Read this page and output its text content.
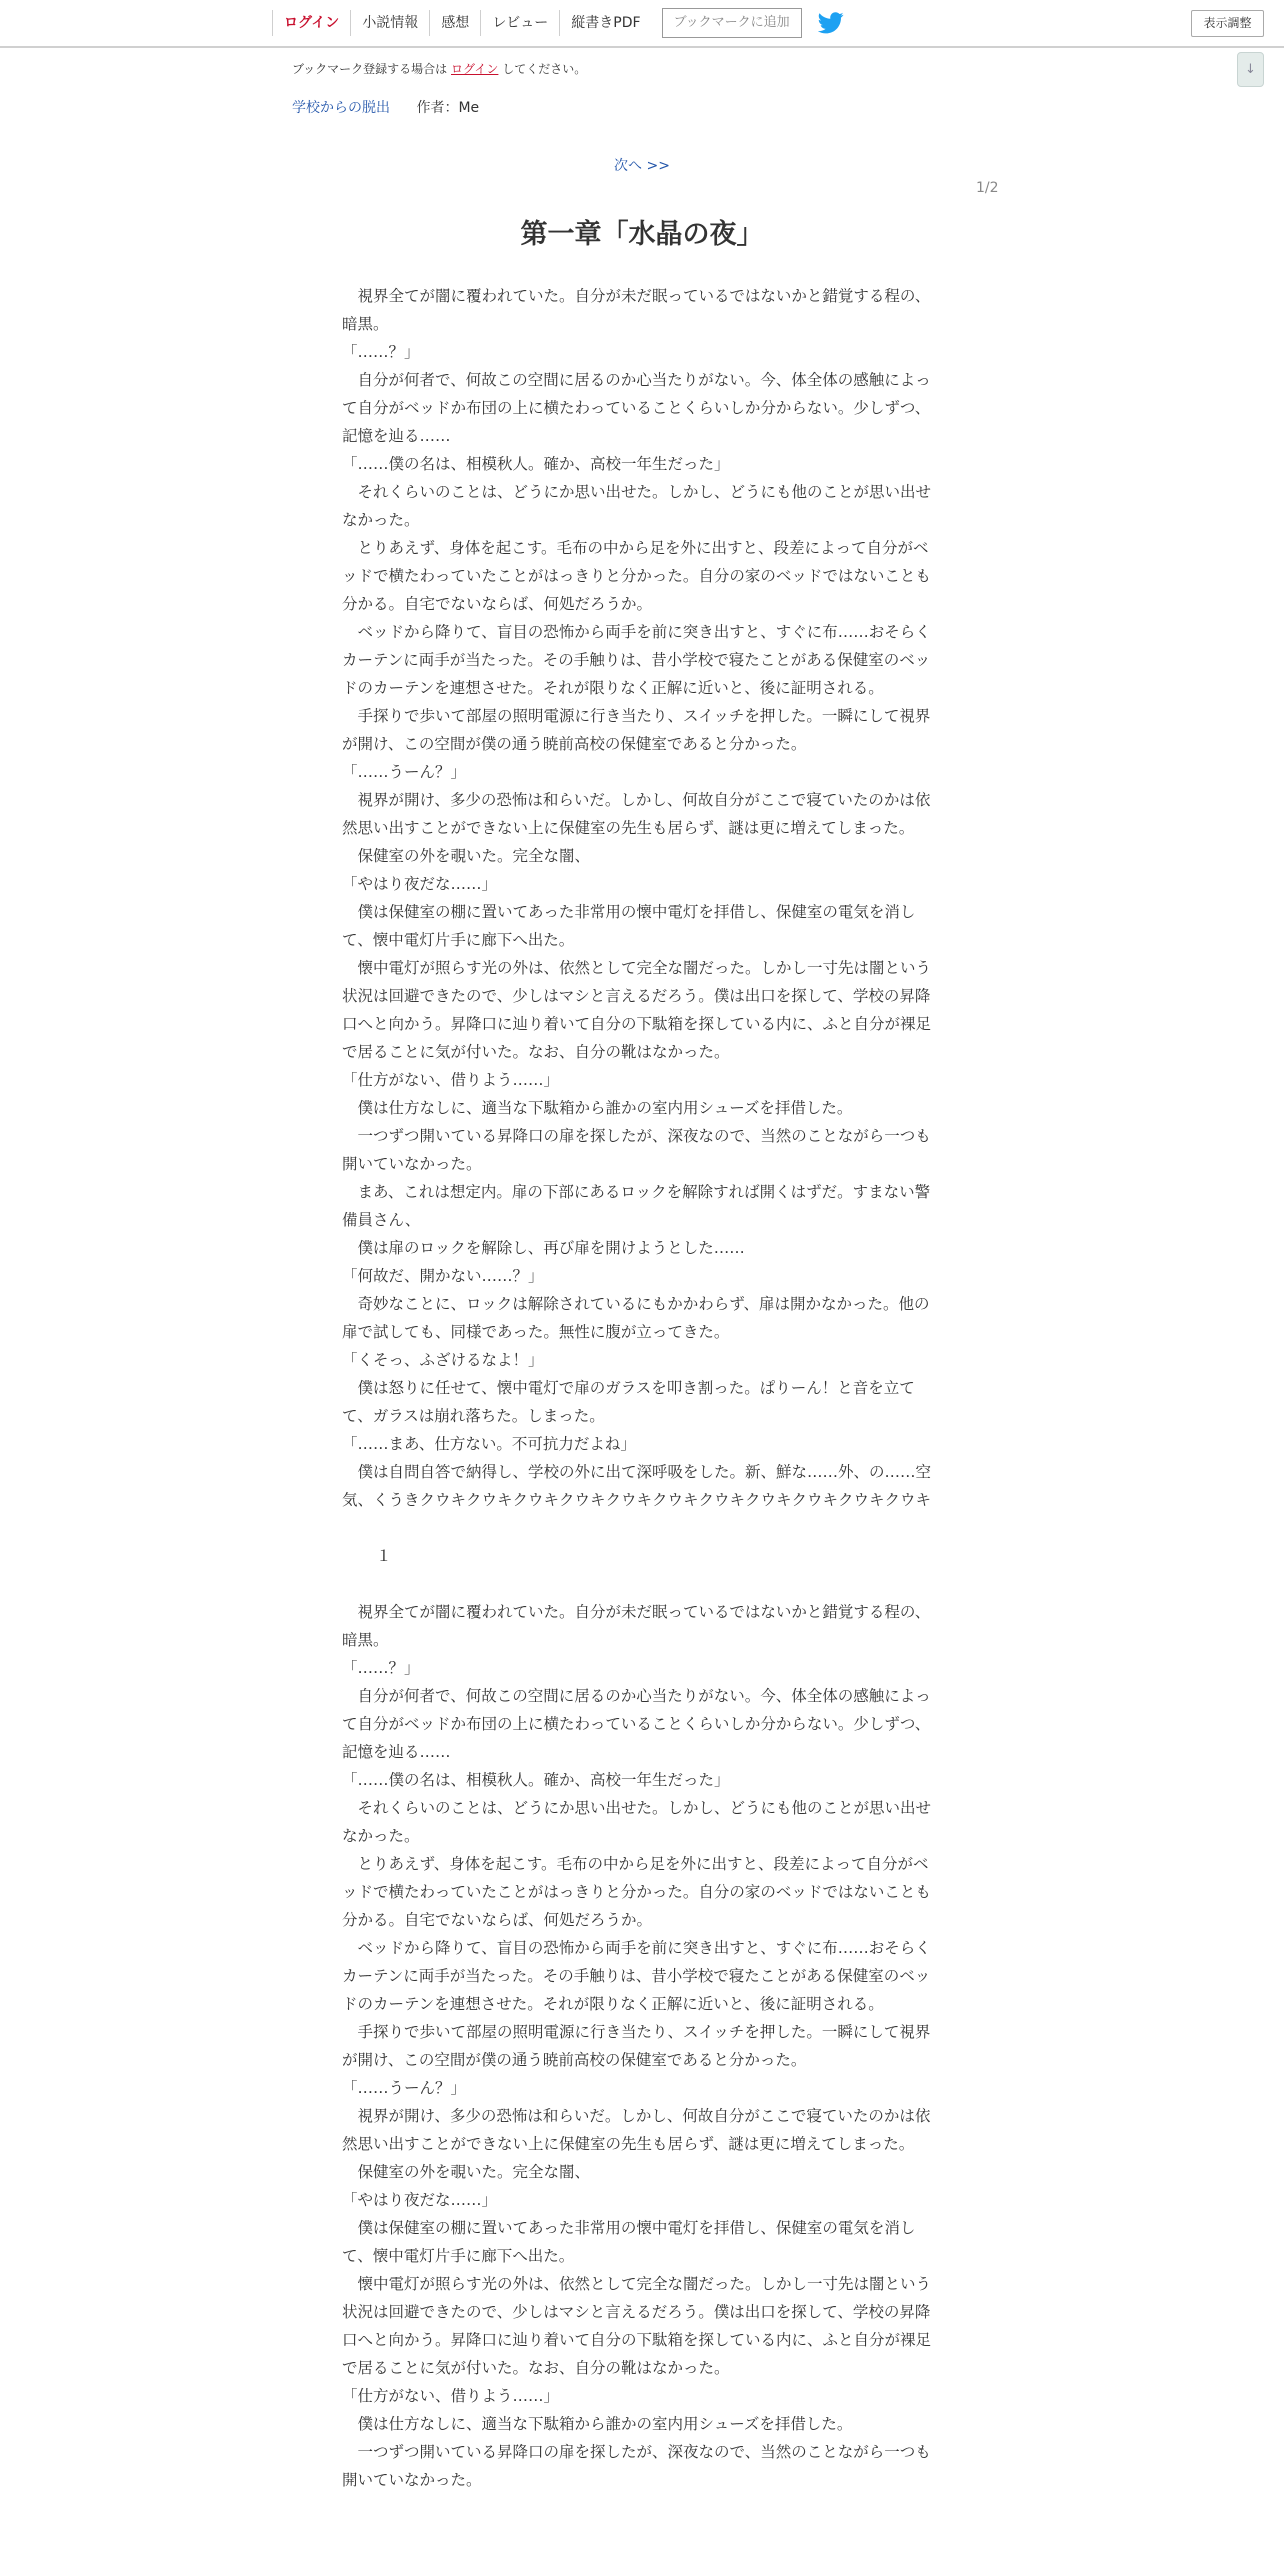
ログイン	小説情報	感想	レビュー	縦書きPDF	ブックマークに追加	表示調整
↓
ブックマーク登録する場合は ログイン してください。
学校からの脱出 作者：Me
次へ >>
1/2
第一章「水晶の夜」

　視界全てが闇に覆われていた。自分が未だ眠っているではないかと錯覚する程の、暗黒。

「……？」

　自分が何者で、何故この空間に居るのか心当たりがない。今、体全体の感触によって自分がベッドか布団の上に横たわっていることくらいしか分からない。少しずつ、記憶を辿る……

「……僕の名は、相模秋人。確か、高校一年生だった」

　それくらいのことは、どうにか思い出せた。しかし、どうにも他のことが思い出せなかった。

　とりあえず、身体を起こす。毛布の中から足を外に出すと、段差によって自分がベッドで横たわっていたことがはっきりと分かった。自分の家のベッドではないことも分かる。自宅でないならば、何処だろうか。

　ベッドから降りて、盲目の恐怖から両手を前に突き出すと、すぐに布……おそらくカーテンに両手が当たった。その手触りは、昔小学校で寝たことがある保健室のベッドのカーテンを連想させた。それが限りなく正解に近いと、後に証明される。

　手探りで歩いて部屋の照明電源に行き当たり、スイッチを押した。一瞬にして視界が開け、この空間が僕の通う暁前高校の保健室であると分かった。

「……うーん？」

　視界が開け、多少の恐怖は和らいだ。しかし、何故自分がここで寝ていたのかは依然思い出すことができない上に保健室の先生も居らず、謎は更に増えてしまった。

　保健室の外を覗いた。完全な闇、

「やはり夜だな……」

　僕は保健室の棚に置いてあった非常用の懐中電灯を拝借し、保健室の電気を消して、懐中電灯片手に廊下へ出た。

　懐中電灯が照らす光の外は、依然として完全な闇だった。しかし一寸先は闇という状況は回避できたので、少しはマシと言えるだろう。僕は出口を探して、学校の昇降口へと向かう。昇降口に辿り着いて自分の下駄箱を探している内に、ふと自分が裸足で居ることに気が付いた。なお、自分の靴はなかった。

「仕方がない、借りよう……」

　僕は仕方なしに、適当な下駄箱から誰かの室内用シューズを拝借した。

　一つずつ開いている昇降口の扉を探したが、深夜なので、当然のことながら一つも開いていなかった。

　まあ、これは想定内。扉の下部にあるロックを解除すれば開くはずだ。すまない警備員さん、

　僕は扉のロックを解除し、再び扉を開けようとした……

「何故だ、開かない……？」

　奇妙なことに、ロックは解除されているにもかかわらず、扉は開かなかった。他の扉で試しても、同様であった。無性に腹が立ってきた。

「くそっ、ふざけるなよ！」

　僕は怒りに任せて、懐中電灯で扉のガラスを叩き割った。ぱりーん！と音を立てて、ガラスは崩れ落ちた。しまった。

「……まあ、仕方ない。不可抗力だよね」

　僕は自問自答で納得し、学校の外に出て深呼吸をした。新、鮮な……外、の……空気、くうきクウキクウキクウキクウキクウキクウキクウキクウキクウキクウキクウキ

１

　視界全てが闇に覆われていた。自分が未だ眠っているではないかと錯覚する程の、暗黒。

「……？」

　自分が何者で、何故この空間に居るのか心当たりがない。今、体全体の感触によって自分がベッドか布団の上に横たわっていることくらいしか分からない。少しずつ、記憶を辿る……

「……僕の名は、相模秋人。確か、高校一年生だった」

　それくらいのことは、どうにか思い出せた。しかし、どうにも他のことが思い出せなかった。

　とりあえず、身体を起こす。毛布の中から足を外に出すと、段差によって自分がベッドで横たわっていたことがはっきりと分かった。自分の家のベッドではないことも分かる。自宅でないならば、何処だろうか。

　ベッドから降りて、盲目の恐怖から両手を前に突き出すと、すぐに布……おそらくカーテンに両手が当たった。その手触りは、昔小学校で寝たことがある保健室のベッドのカーテンを連想させた。それが限りなく正解に近いと、後に証明される。

　手探りで歩いて部屋の照明電源に行き当たり、スイッチを押した。一瞬にして視界が開け、この空間が僕の通う暁前高校の保健室であると分かった。

「……うーん？」

　視界が開け、多少の恐怖は和らいだ。しかし、何故自分がここで寝ていたのかは依然思い出すことができない上に保健室の先生も居らず、謎は更に増えてしまった。

　保健室の外を覗いた。完全な闇、

「やはり夜だな……」

　僕は保健室の棚に置いてあった非常用の懐中電灯を拝借し、保健室の電気を消して、懐中電灯片手に廊下へ出た。

　懐中電灯が照らす光の外は、依然として完全な闇だった。しかし一寸先は闇という状況は回避できたので、少しはマシと言えるだろう。僕は出口を探して、学校の昇降口へと向かう。昇降口に辿り着いて自分の下駄箱を探している内に、ふと自分が裸足で居ることに気が付いた。なお、自分の靴はなかった。

「仕方がない、借りよう……」

　僕は仕方なしに、適当な下駄箱から誰かの室内用シューズを拝借した。

　一つずつ開いている昇降口の扉を探したが、深夜なので、当然のことながら一つも開いていなかった。
